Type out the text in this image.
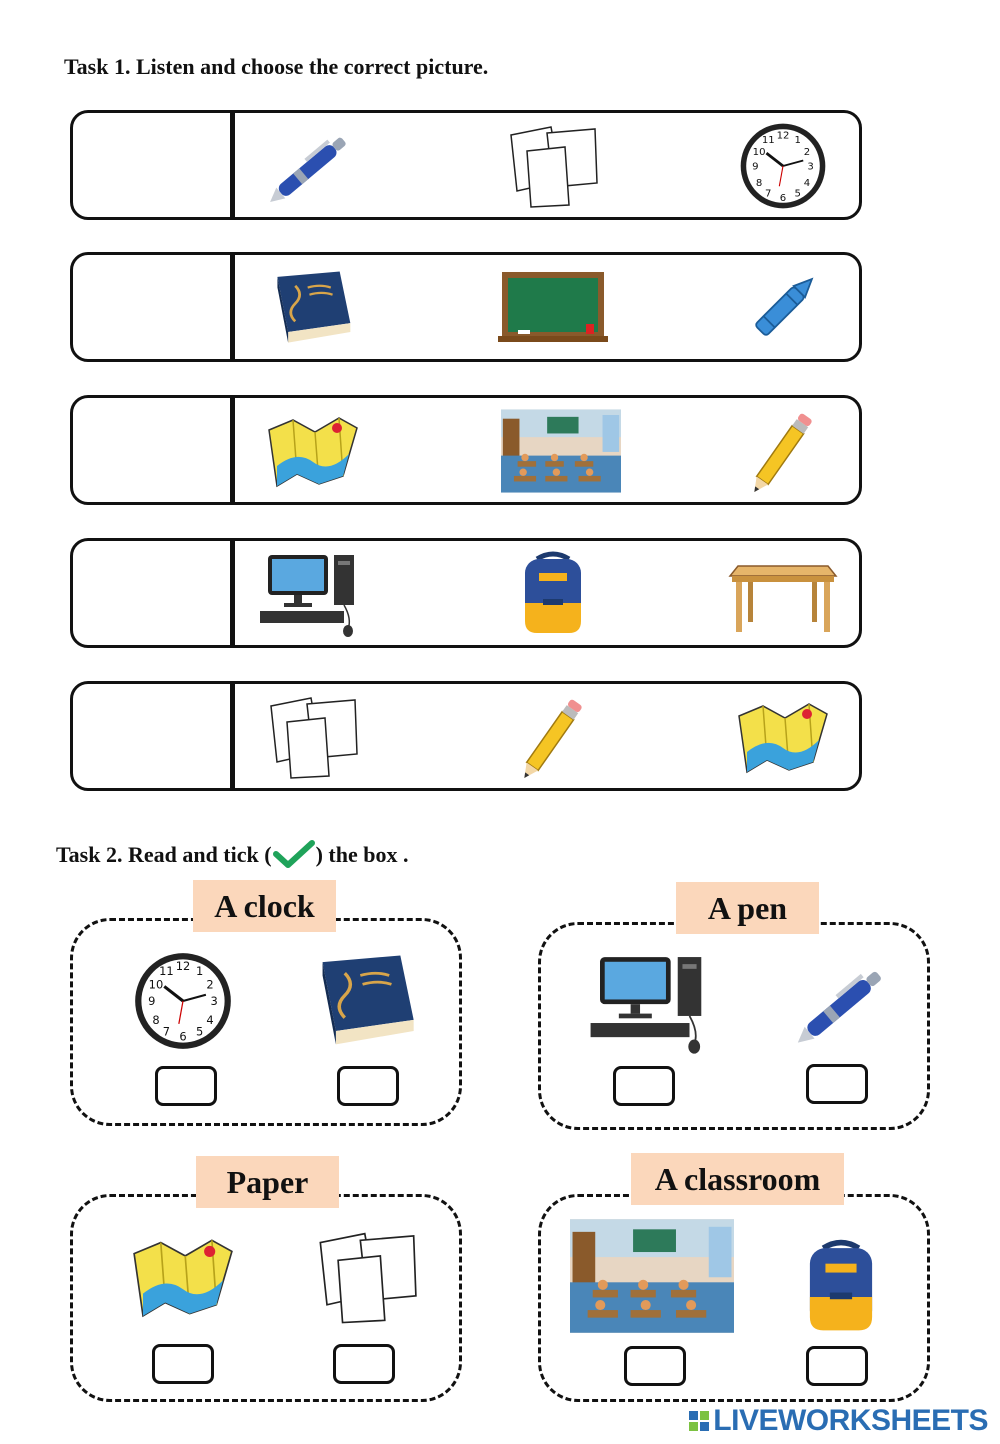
Task 1. Listen and choose the correct picture.
Task 2. Read and tick ( ) the box .
A clock	A pen
Paper	A classroom
LIVEWORKSHEETS
